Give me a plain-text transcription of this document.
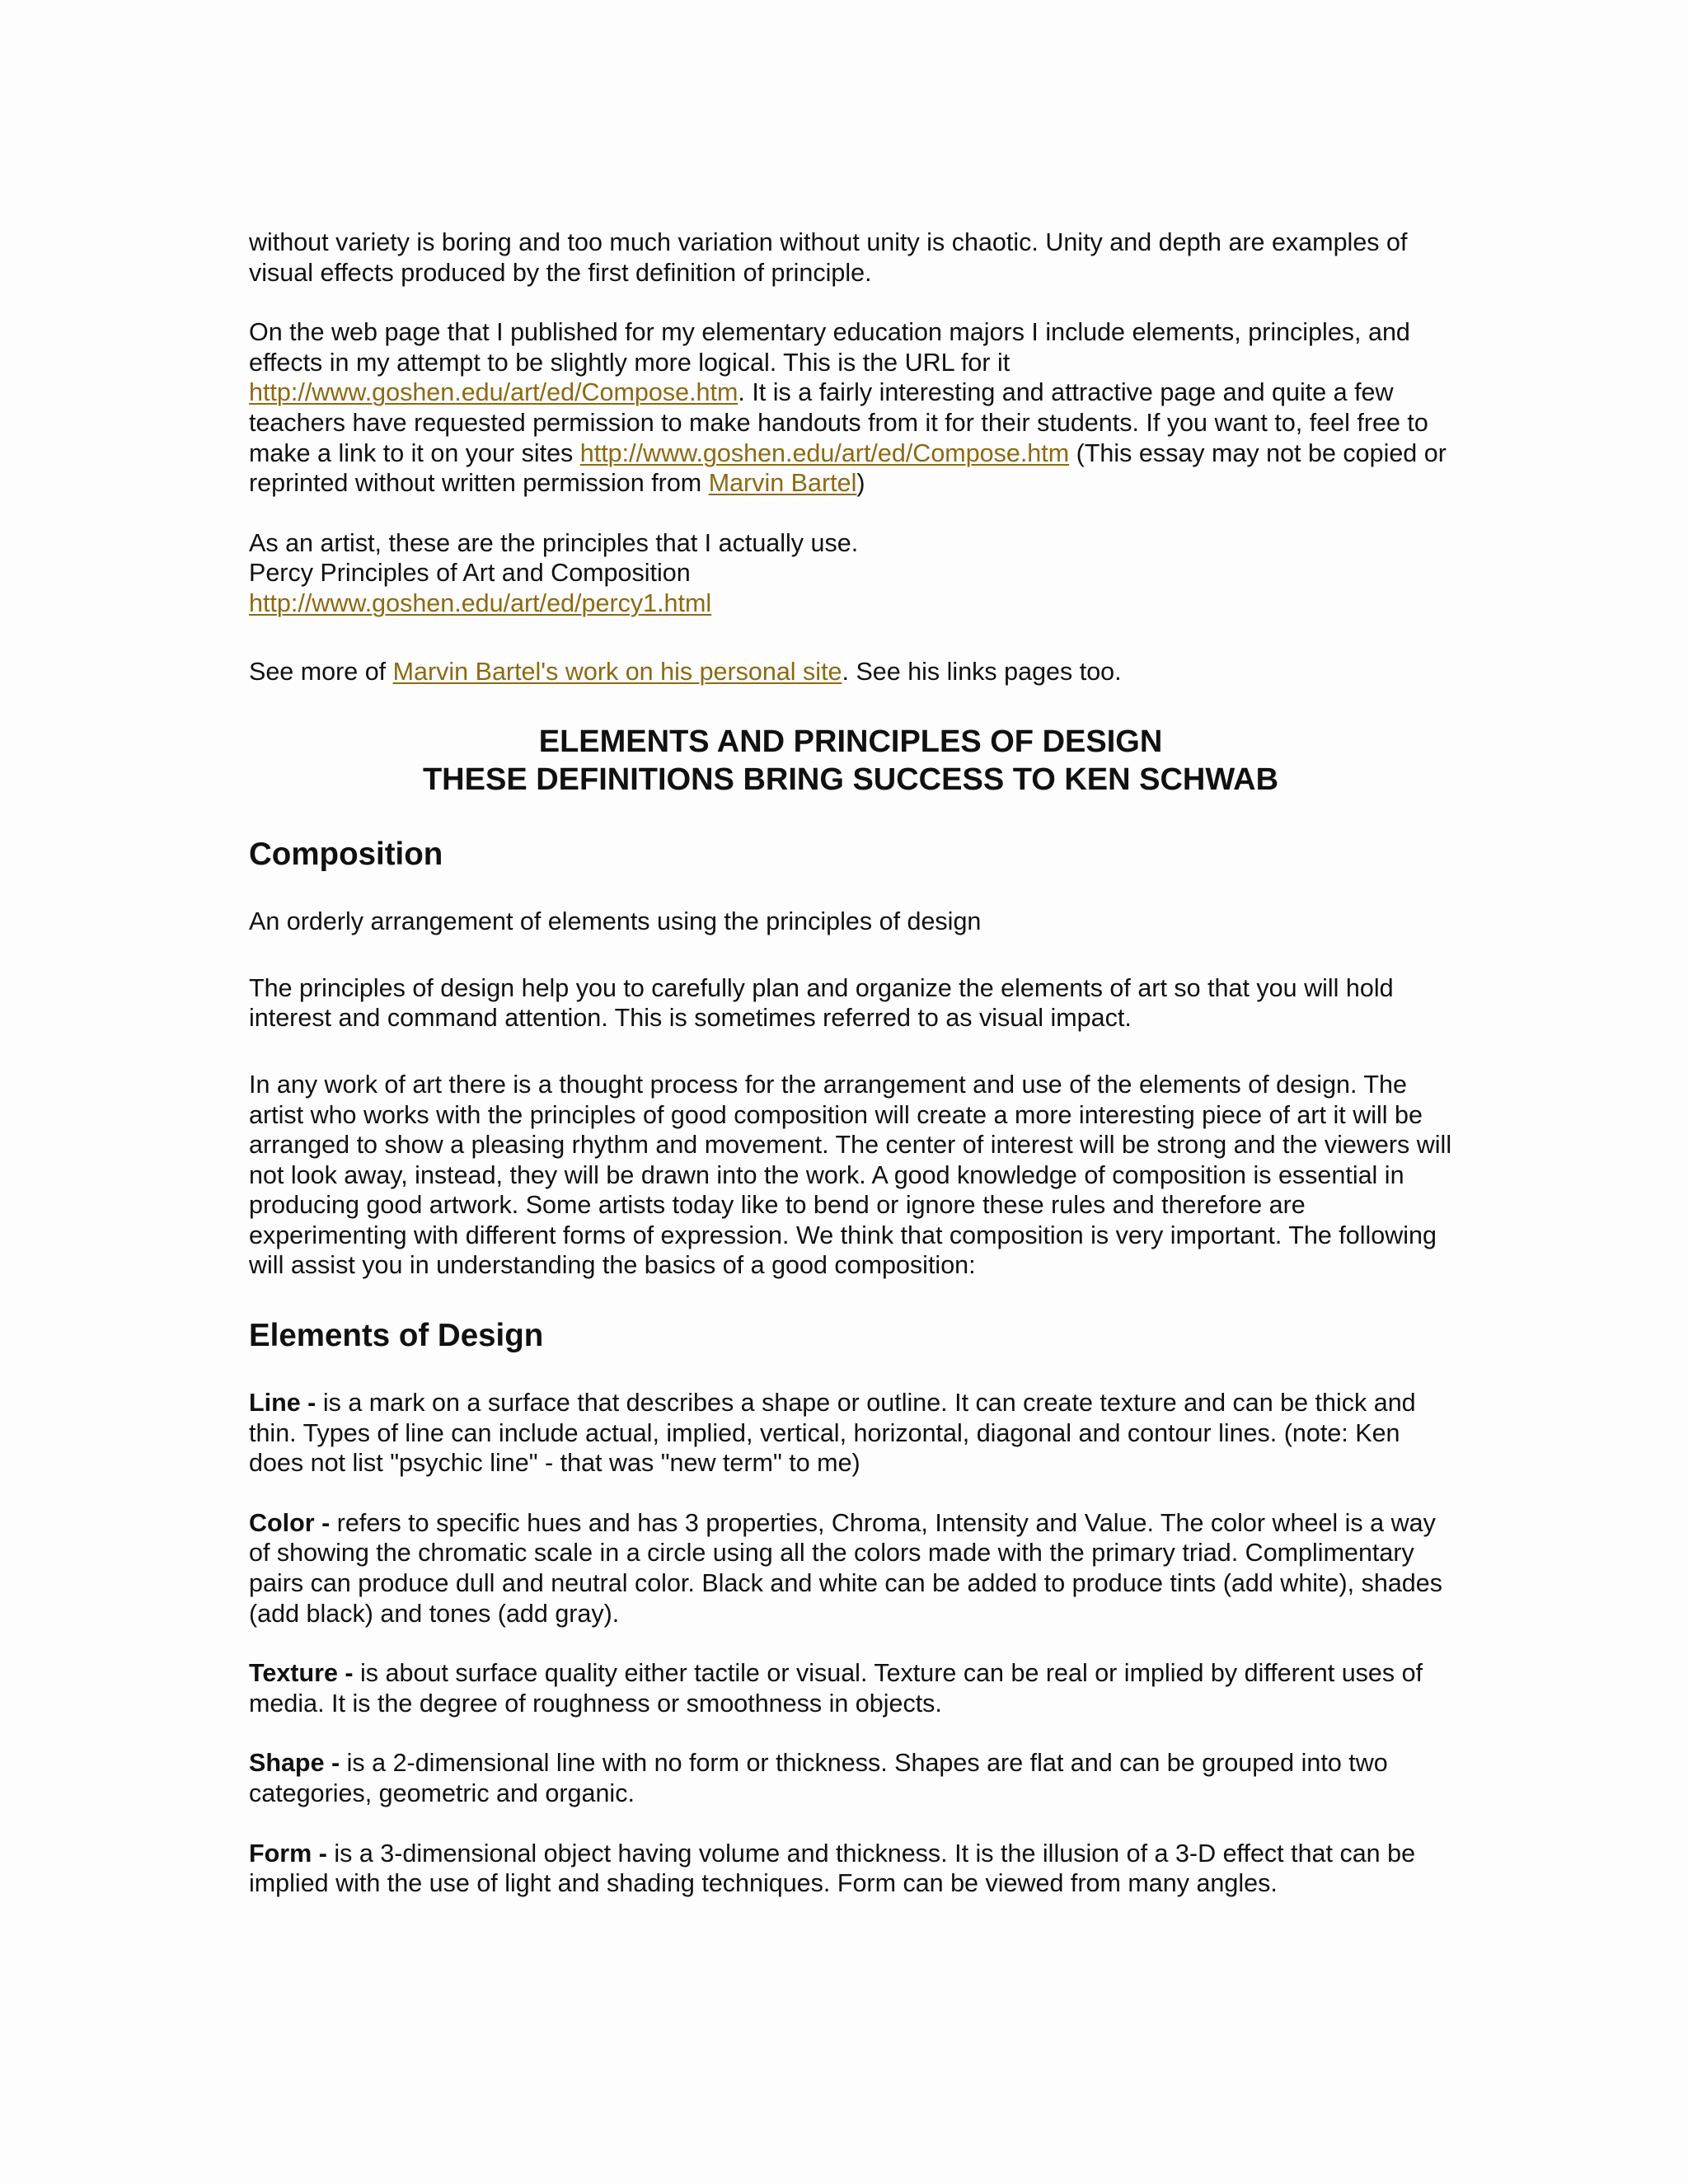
without variety is boring and too much variation without unity is chaotic. Unity and depth are examples of visual effects produced by the first definition of principle.

On the web page that I published for my elementary education majors I include elements, principles, and effects in my attempt to be slightly more logical. This is the URL for it
http://www.goshen.edu/art/ed/Compose.htm. It is a fairly interesting and attractive page and quite a few teachers have requested permission to make handouts from it for their students. If you want to, feel free to make a link to it on your sites http://www.goshen.edu/art/ed/Compose.htm (This essay may not be copied or reprinted without written permission from Marvin Bartel)

As an artist, these are the principles that I actually use.
Percy Principles of Art and Composition
http://www.goshen.edu/art/ed/percy1.html

See more of Marvin Bartel's work on his personal site. See his links pages too.

ELEMENTS AND PRINCIPLES OF DESIGN
THESE DEFINITIONS BRING SUCCESS TO KEN SCHWAB

Composition

An orderly arrangement of elements using the principles of design

The principles of design help you to carefully plan and organize the elements of art so that you will hold interest and command attention. This is sometimes referred to as visual impact.

In any work of art there is a thought process for the arrangement and use of the elements of design. The artist who works with the principles of good composition will create a more interesting piece of art it will be arranged to show a pleasing rhythm and movement. The center of interest will be strong and the viewers will not look away, instead, they will be drawn into the work. A good knowledge of composition is essential in producing good artwork. Some artists today like to bend or ignore these rules and therefore are experimenting with different forms of expression. We think that composition is very important. The following will assist you in understanding the basics of a good composition:

Elements of Design

Line - is a mark on a surface that describes a shape or outline. It can create texture and can be thick and thin. Types of line can include actual, implied, vertical, horizontal, diagonal and contour lines. (note: Ken does not list "psychic line" - that was "new term" to me)

Color - refers to specific hues and has 3 properties, Chroma, Intensity and Value. The color wheel is a way of showing the chromatic scale in a circle using all the colors made with the primary triad. Complimentary pairs can produce dull and neutral color. Black and white can be added to produce tints (add white), shades (add black) and tones (add gray).

Texture - is about surface quality either tactile or visual. Texture can be real or implied by different uses of media. It is the degree of roughness or smoothness in objects.

Shape - is a 2-dimensional line with no form or thickness. Shapes are flat and can be grouped into two categories, geometric and organic.

Form - is a 3-dimensional object having volume and thickness. It is the illusion of a 3-D effect that can be implied with the use of light and shading techniques. Form can be viewed from many angles.
